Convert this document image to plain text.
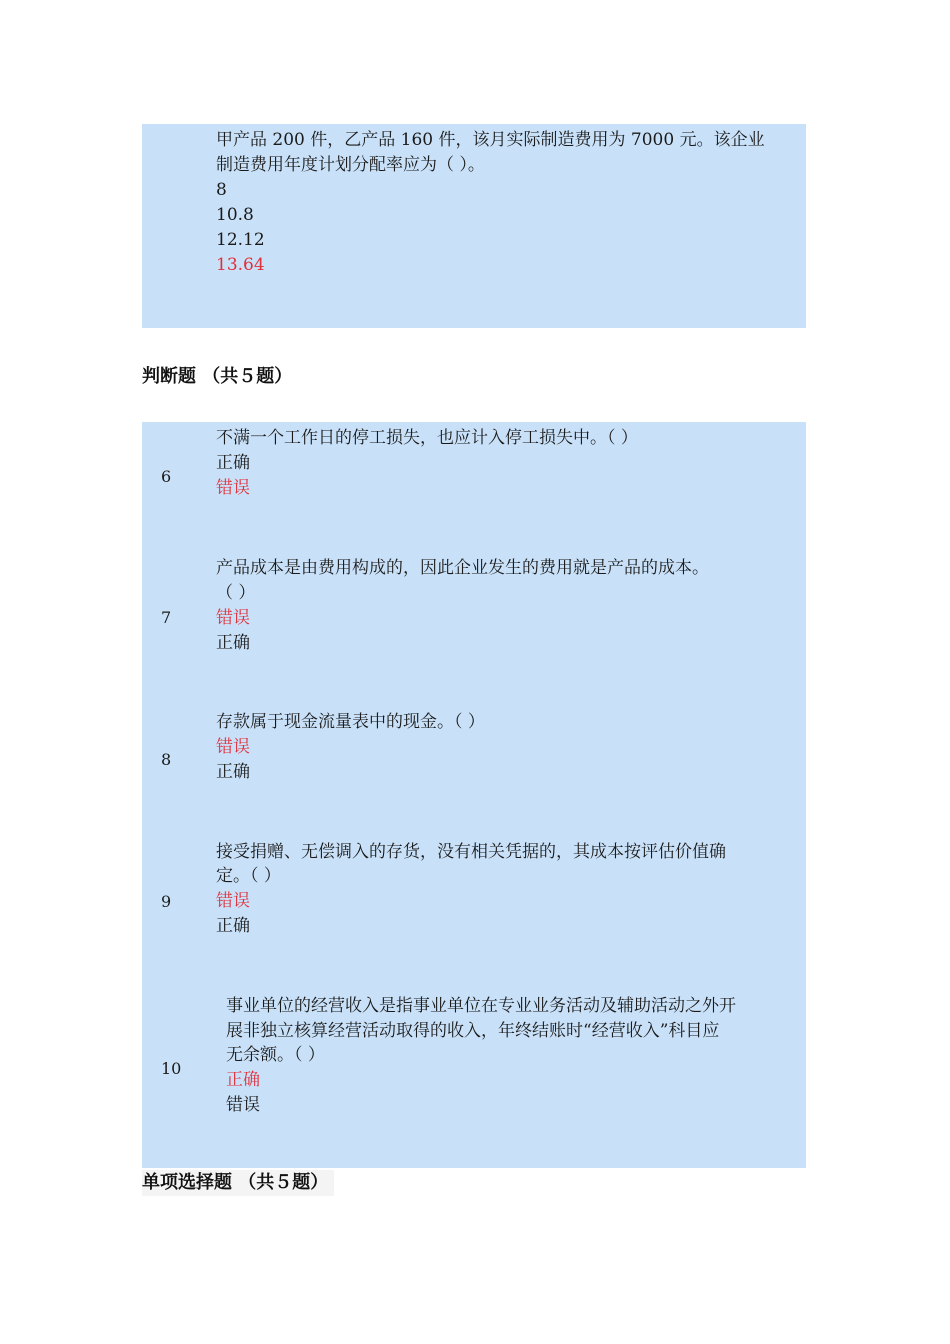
甲产品 200 件，乙产品 160 件，该月实际制造费用为 7000 元。该企业
制造费用年度计划分配率应为（ ）。
8
10.8
12.12
13.64
判断题 （共５题）
6
不满一个工作日的停工损失，也应计入停工损失中。（ ）
正确
错误
7
产品成本是由费用构成的，因此企业发生的费用就是产品的成本。
（ ）
错误
正确
8
存款属于现金流量表中的现金。（ ）
错误
正确
9
接受捐赠、无偿调入的存货，没有相关凭据的，其成本按评估价值确
定。（ ）
错误
正确
10
事业单位的经营收入是指事业单位在专业业务活动及辅助活动之外开
展非独立核算经营活动取得的收入，年终结账时“经营收入”科目应
无余额。（ ）
正确
错误
单项选择题 （共５题）
